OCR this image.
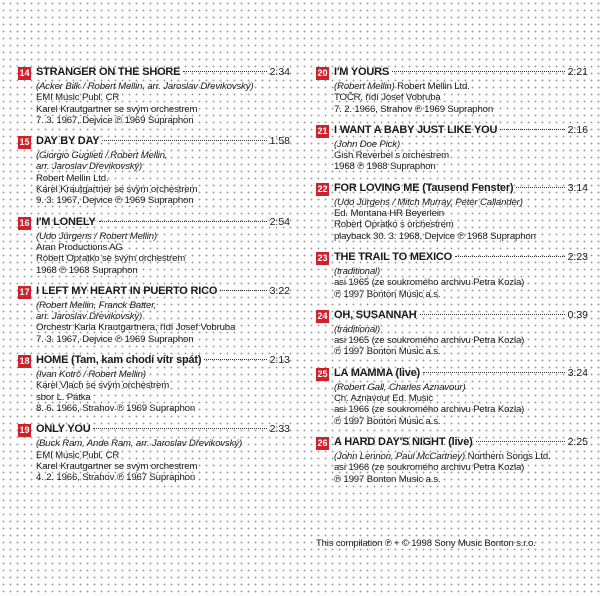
14 STRANGER ON THE SHORE	2:34
(Acker Bilk / Robert Mellin, arr. Jaroslav Dřevikovský)
EMI Music Publ. CR
Karel Krautgartner se svým orchestrem
7. 3. 1967, Dejvice ℗ 1969 Supraphon
15 DAY BY DAY	1:58
(Giorgio Guglieti / Robert Mellin,
arr. Jaroslav Dřevikovský)
Robert Mellin Ltd.
Karel Krautgartner se svým orchestrem
9. 3. 1967, Dejvice ℗ 1969 Supraphon
16 I'M LONELY	2:54
(Udo Jürgens / Robert Mellin)
Aran Productions AG
Robert Opratko se svým orchestrem
1968 ℗ 1968 Supraphon
17 I LEFT MY HEART IN PUERTO RICO	3:22
(Robert Mellin, Franck Batter,
arr. Jaroslav Dřevikovský)
Orchestr Karla Krautgartnera, řídí Josef Vobruba
7. 3. 1967, Dejvice ℗ 1969 Supraphon
18 HOME (Tam, kam chodí vítr spát)	2:13
(Ivan Kotrč / Robert Mellin)
Karel Vlach se svým orchestrem
sbor L. Pátka
8. 6. 1966, Strahov ℗ 1969 Supraphon
19 ONLY YOU	2:33
(Buck Ram, Ande Ram, arr. Jaroslav Dřevikovský)
EMI Music Publ. CR
Karel Krautgartner se svým orchestrem
4. 2. 1966, Strahov ℗ 1967 Supraphon
20 I'M YOURS	2:21
(Robert Mellin) Robert Mellin Ltd.
TOČR, řídí Josef Vobruba
7. 2. 1966, Strahov ℗ 1969 Supraphon
21 I WANT A BABY JUST LIKE YOU	2:16
(John Doe Pick)
Gish Reverbel s orchestrem
1968 ℗ 1968 Supraphon
22 FOR LOVING ME (Tausend Fenster)	3:14
(Udo Jürgens / Mitch Murray, Peter Callander)
Ed. Montana HR Beyerlein
Robert Opratko s orchestrem
playback 30. 3. 1968, Dejvice ℗ 1968 Supraphon
23 THE TRAIL TO MEXICO	2:23
(traditional)
asi 1965 (ze soukromého archivu Petra Kozla)
℗ 1997 Bonton Music a.s.
24 OH, SUSANNAH	0:39
(traditional)
asi 1965 (ze soukromého archivu Petra Kozla)
℗ 1997 Bonton Music a.s.
25 LA MAMMA (live)	3:24
(Robert Gall, Charles Aznavour)
Ch. Aznavour Ed. Music
asi 1966 (ze soukromého archivu Petra Kozla)
℗ 1997 Bonton Music a.s.
26 A HARD DAY'S NIGHT (live)	2:25
(John Lennon, Paul McCartney) Northern Songs Ltd.
asi 1966 (ze soukromého archivu Petra Kozla)
℗ 1997 Bonton Music a.s.
This compilation ℗ + © 1998 Sony Music Bonton s.r.o.
